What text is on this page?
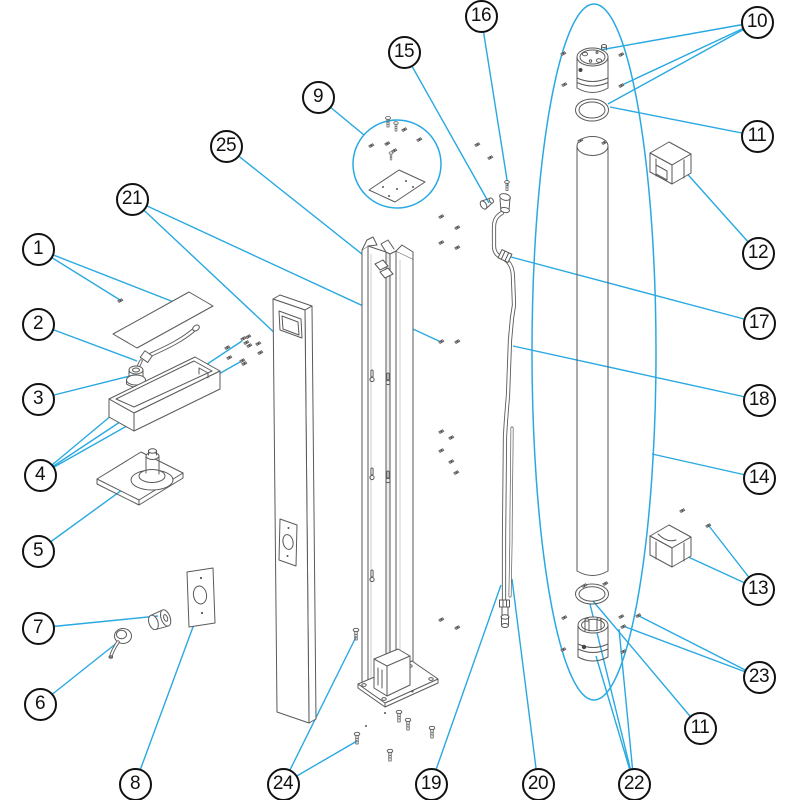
1
2
3
4
5
6
7
8
9
10
11
12
17
18
14
13
23
11
15
16
21
25
19	20	22
24
